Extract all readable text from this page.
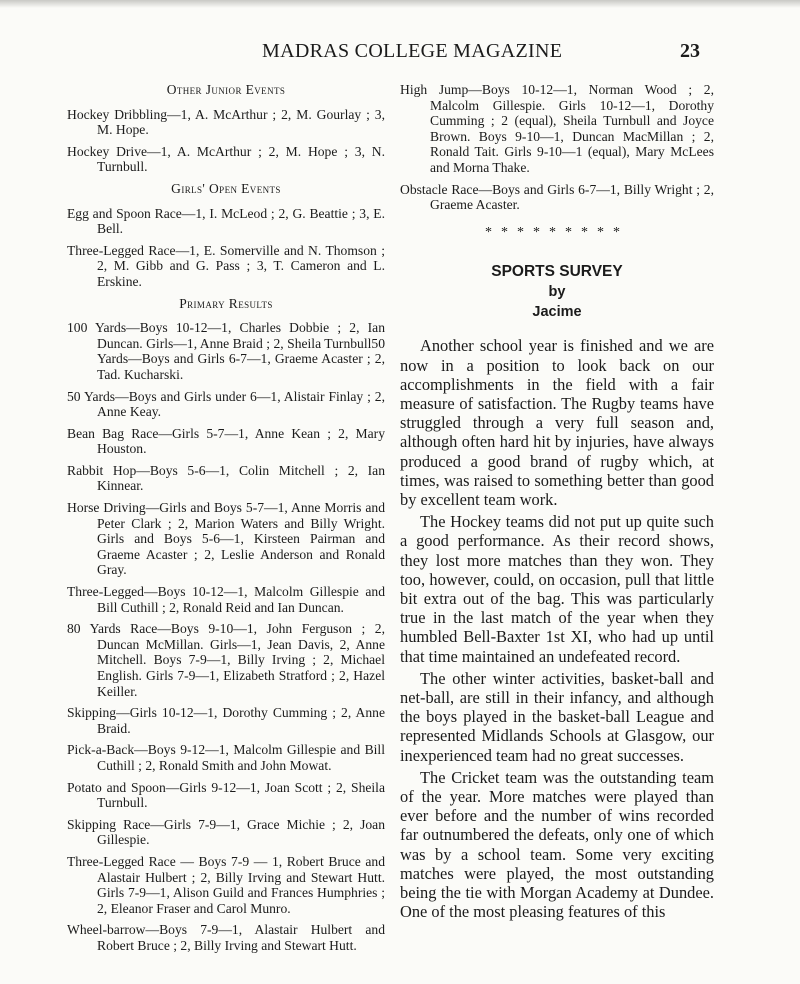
MADRAS COLLEGE MAGAZINE	23
Other Junior Events

Hockey Dribbling—1, A. McArthur ; 2, M. Gourlay ; 3, M. Hope.

Hockey Drive—1, A. McArthur ; 2, M. Hope ; 3, N. Turnbull.

Girls' Open Events

Egg and Spoon Race—1, I. McLeod ; 2, G. Beattie ; 3, E. Bell.

Three-Legged Race—1, E. Somerville and N. Thomson ; 2, M. Gibb and G. Pass ; 3, T. Cameron and L. Erskine.

Primary Results

100 Yards—Boys 10-12—1, Charles Dobbie ; 2, Ian Duncan. Girls—1, Anne Braid ; 2, Sheila Turnbull50 Yards—Boys and Girls 6-7—1, Graeme Acaster ; 2, Tad. Kucharski.

50 Yards—Boys and Girls under 6—1, Alistair Finlay ; 2, Anne Keay.

Bean Bag Race—Girls 5-7—1, Anne Kean ; 2, Mary Houston.

Rabbit Hop—Boys 5-6—1, Colin Mitchell ; 2, Ian Kinnear.

Horse Driving—Girls and Boys 5-7—1, Anne Morris and Peter Clark ; 2, Marion Waters and Billy Wright. Girls and Boys 5-6—1, Kirsteen Pairman and Graeme Acaster ; 2, Leslie Anderson and Ronald Gray.

Three-Legged—Boys 10-12—1, Malcolm Gillespie and Bill Cuthill ; 2, Ronald Reid and Ian Duncan.

80 Yards Race—Boys 9-10—1, John Ferguson ; 2, Duncan McMillan. Girls—1, Jean Davis, 2, Anne Mitchell. Boys 7-9—1, Billy Irving ; 2, Michael English. Girls 7-9—1, Elizabeth Stratford ; 2, Hazel Keiller.

Skipping—Girls 10-12—1, Dorothy Cumming ; 2, Anne Braid.

Pick-a-Back—Boys 9-12—1, Malcolm Gillespie and Bill Cuthill ; 2, Ronald Smith and John Mowat.

Potato and Spoon—Girls 9-12—1, Joan Scott ; 2, Sheila Turnbull.

Skipping Race—Girls 7-9—1, Grace Michie ; 2, Joan Gillespie.

Three-Legged Race — Boys 7-9 — 1, Robert Bruce and Alastair Hulbert ; 2, Billy Irving and Stewart Hutt. Girls 7-9—1, Alison Guild and Frances Humphries ; 2, Eleanor Fraser and Carol Munro.

Wheel-barrow—Boys 7-9—1, Alastair Hulbert and Robert Bruce ; 2, Billy Irving and Stewart Hutt.

High Jump—Boys 10-12—1, Norman Wood ; 2, Malcolm Gillespie. Girls 10-12—1, Dorothy Cumming ; 2 (equal), Sheila Turnbull and Joyce Brown. Boys 9-10—1, Duncan MacMillan ; 2, Ronald Tait. Girls 9-10—1 (equal), Mary McLees and Morna Thake.

Obstacle Race—Boys and Girls 6-7—1, Billy Wright ; 2, Graeme Acaster.

*********
SPORTS SURVEY
by
Jacime

Another school year is finished and we are now in a position to look back on our accomplishments in the field with a fair measure of satisfaction. The Rugby teams have struggled through a very full season and, although often hard hit by injuries, have always produced a good brand of rugby which, at times, was raised to something better than good by excellent team work.

The Hockey teams did not put up quite such a good performance. As their record shows, they lost more matches than they won. They too, however, could, on occasion, pull that little bit extra out of the bag. This was particularly true in the last match of the year when they humbled Bell-Baxter 1st XI, who had up until that time maintained an undefeated record.

The other winter activities, basket-ball and net-ball, are still in their infancy, and although the boys played in the basket-ball League and represented Midlands Schools at Glasgow, our inexperienced team had no great successes.

The Cricket team was the outstanding team of the year. More matches were played than ever before and the number of wins recorded far outnumbered the defeats, only one of which was by a school team. Some very exciting matches were played, the most outstanding being the tie with Morgan Academy at Dundee. One of the most pleasing features of this
